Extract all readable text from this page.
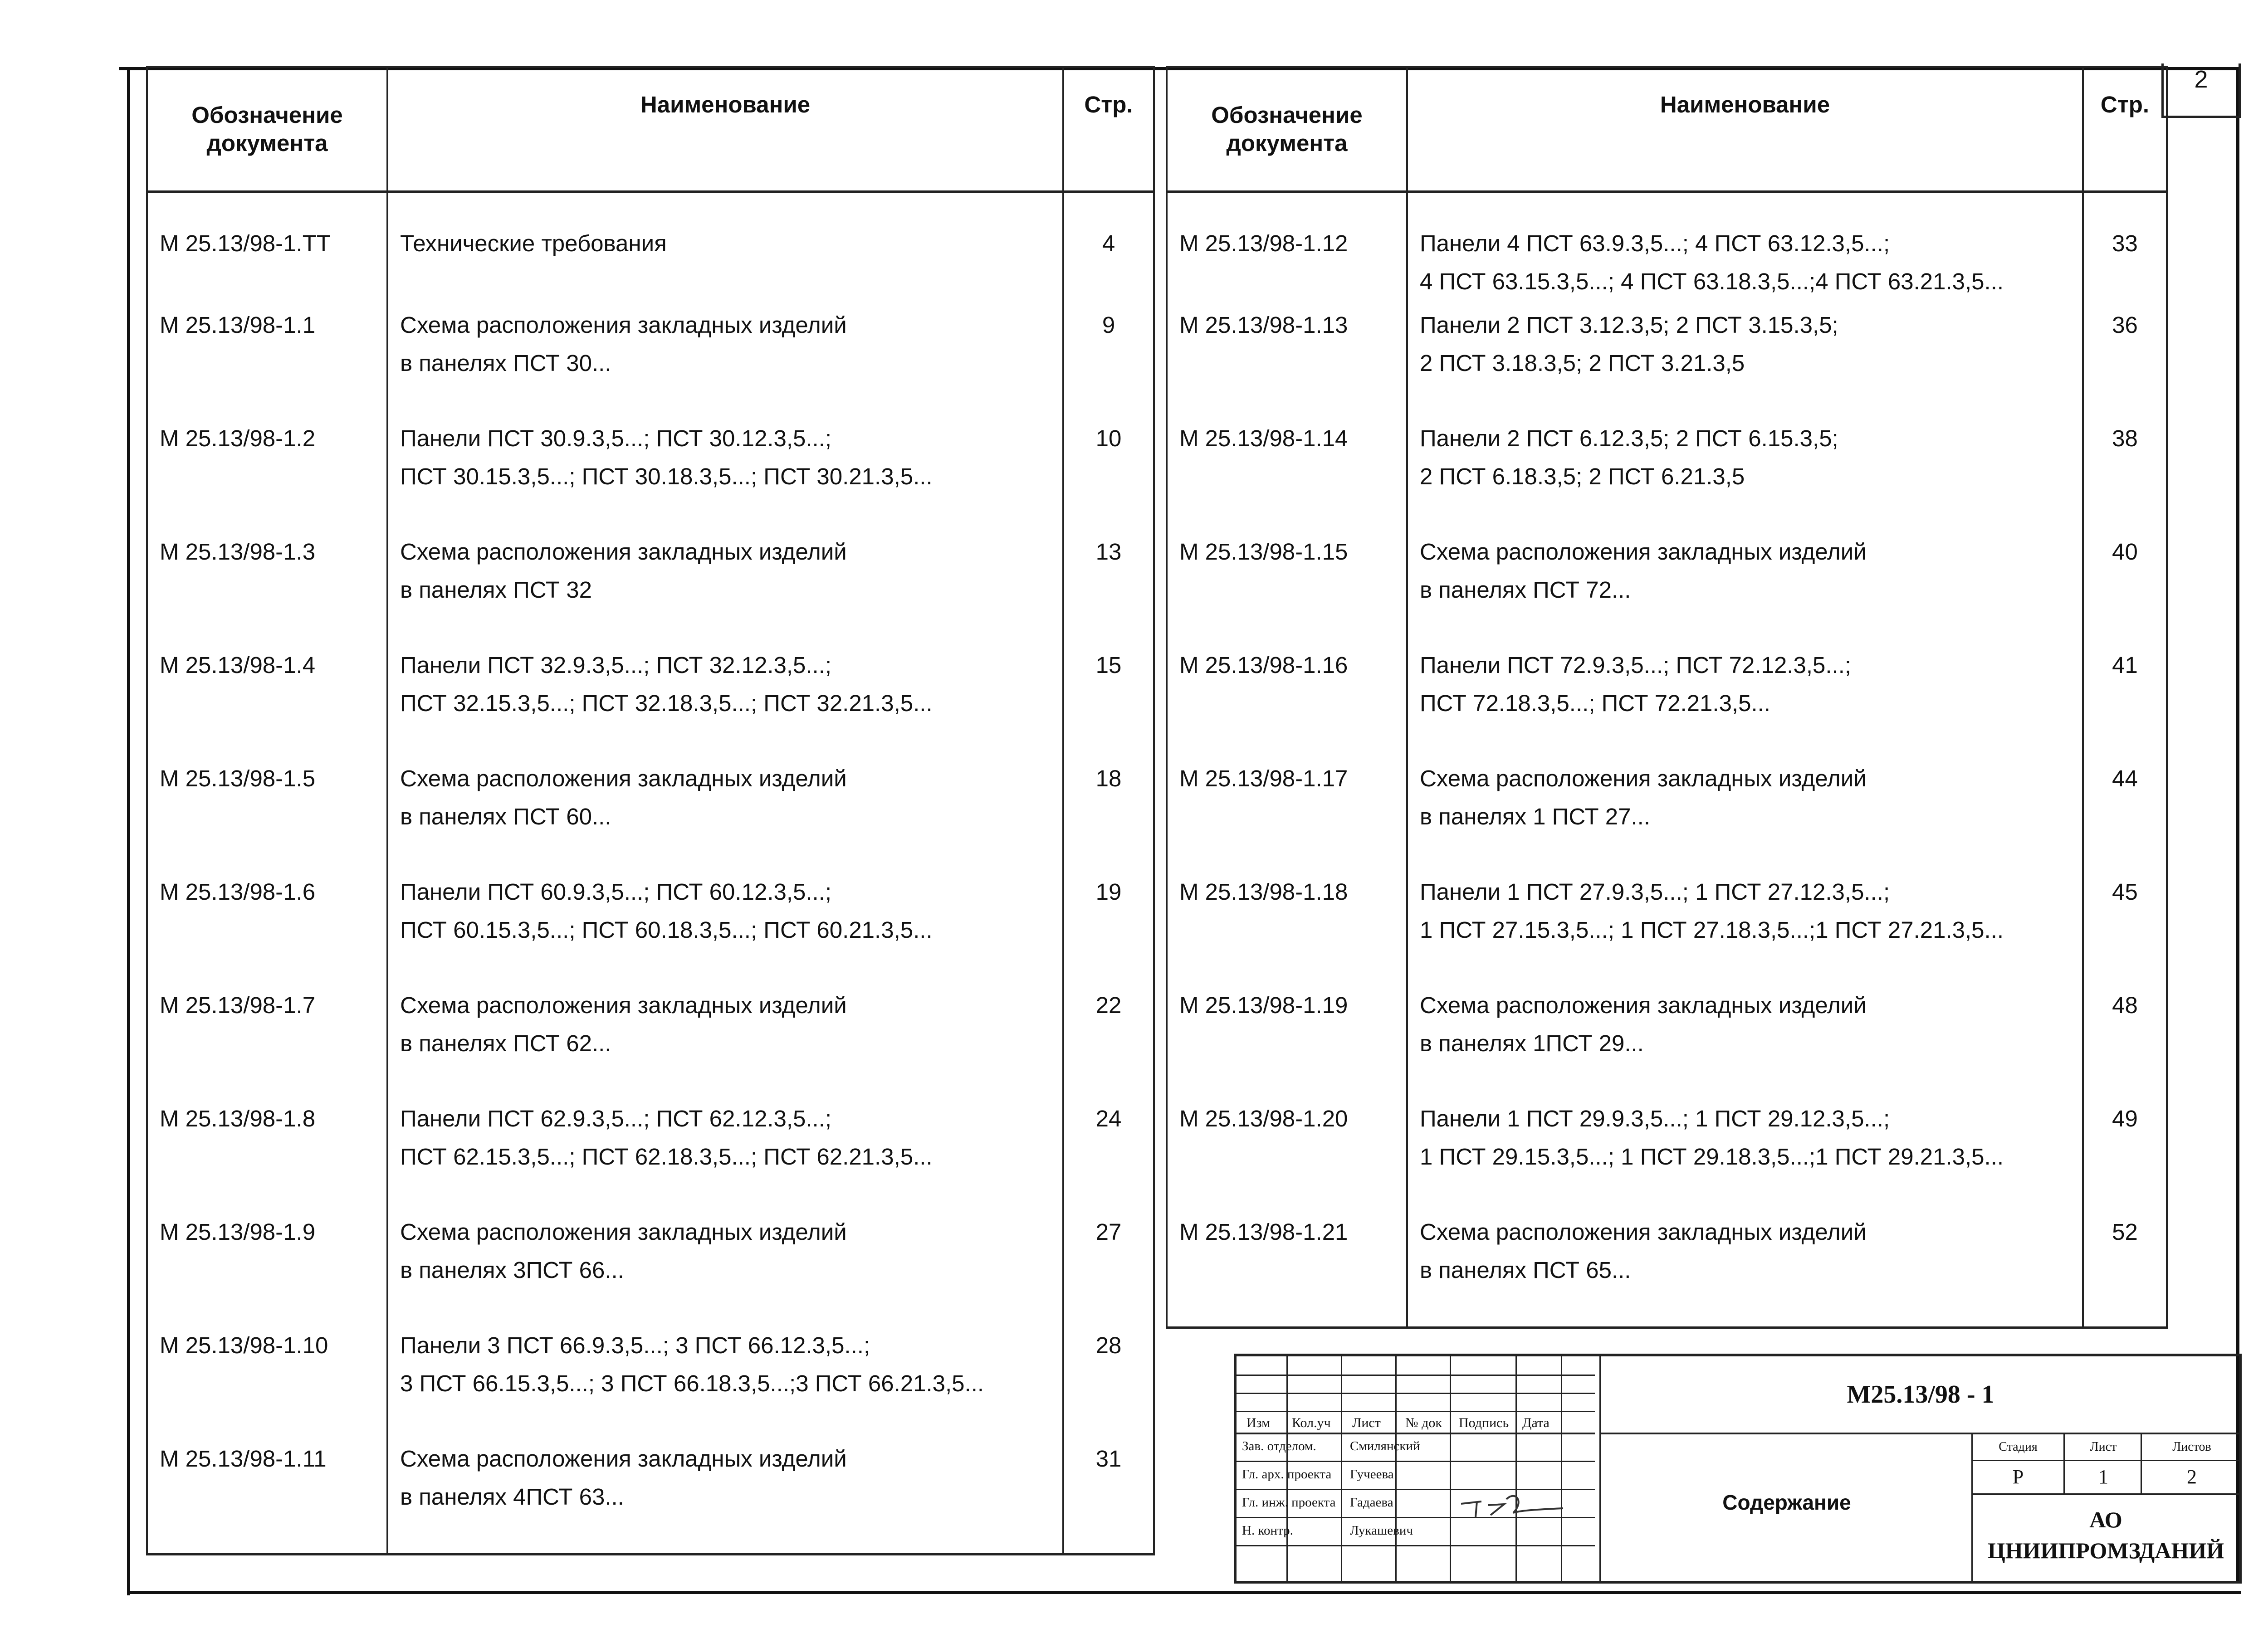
2
Обозначение документа	Наименование	Стр.
М 25.13/98-1.ТТ	Технические требования	4
М 25.13/98-1.1	Схема расположения закладных изделий
в панелях ПСТ 30...	9
М 25.13/98-1.2	Панели ПСТ 30.9.3,5...; ПСТ 30.12.3,5...;
ПСТ 30.15.3,5...; ПСТ 30.18.3,5...; ПСТ 30.21.3,5...	10
М 25.13/98-1.3	Схема расположения закладных изделий
в панелях ПСТ 32	13
М 25.13/98-1.4	Панели ПСТ 32.9.3,5...; ПСТ 32.12.3,5...;
ПСТ 32.15.3,5...; ПСТ 32.18.3,5...; ПСТ 32.21.3,5...	15
М 25.13/98-1.5	Схема расположения закладных изделий
в панелях ПСТ 60...	18
М 25.13/98-1.6	Панели ПСТ 60.9.3,5...; ПСТ 60.12.3,5...;
ПСТ 60.15.3,5...; ПСТ 60.18.3,5...; ПСТ 60.21.3,5...	19
М 25.13/98-1.7	Схема расположения закладных изделий
в панелях ПСТ 62...	22
М 25.13/98-1.8	Панели ПСТ 62.9.3,5...; ПСТ 62.12.3,5...;
ПСТ 62.15.3,5...; ПСТ 62.18.3,5...; ПСТ 62.21.3,5...	24
М 25.13/98-1.9	Схема расположения закладных изделий
в панелях 3ПСТ 66...	27
М 25.13/98-1.10	Панели 3 ПСТ 66.9.3,5...; 3 ПСТ 66.12.3,5...;
3 ПСТ 66.15.3,5...; 3 ПСТ 66.18.3,5...;3 ПСТ 66.21.3,5...	28
М 25.13/98-1.11	Схема расположения закладных изделий
в панелях 4ПСТ 63...	31
Обозначение документа	Наименование	Стр.
М 25.13/98-1.12	Панели 4 ПСТ 63.9.3,5...; 4 ПСТ 63.12.3,5...;
4 ПСТ 63.15.3,5...; 4 ПСТ 63.18.3,5...;4 ПСТ 63.21.3,5...	33
М 25.13/98-1.13	Панели 2 ПСТ 3.12.3,5; 2 ПСТ 3.15.3,5;
2 ПСТ 3.18.3,5; 2 ПСТ 3.21.3,5	36
М 25.13/98-1.14	Панели 2 ПСТ 6.12.3,5; 2 ПСТ 6.15.3,5;
2 ПСТ 6.18.3,5; 2 ПСТ 6.21.3,5	38
М 25.13/98-1.15	Схема расположения закладных изделий
в панелях ПСТ 72...	40
М 25.13/98-1.16	Панели ПСТ 72.9.3,5...; ПСТ 72.12.3,5...;
ПСТ 72.18.3,5...; ПСТ 72.21.3,5...	41
М 25.13/98-1.17	Схема расположения закладных изделий
в панелях 1 ПСТ 27...	44
М 25.13/98-1.18	Панели 1 ПСТ 27.9.3,5...; 1 ПСТ 27.12.3,5...;
1 ПСТ 27.15.3,5...; 1 ПСТ 27.18.3,5...;1 ПСТ 27.21.3,5...	45
М 25.13/98-1.19	Схема расположения закладных изделий
в панелях 1ПСТ 29...	48
М 25.13/98-1.20	Панели 1 ПСТ 29.9.3,5...; 1 ПСТ 29.12.3,5...;
1 ПСТ 29.15.3,5...; 1 ПСТ 29.18.3,5...;1 ПСТ 29.21.3,5...	49
М 25.13/98-1.21	Схема расположения закладных изделий
в панелях ПСТ 65...	52
Изм Кол.уч Лист № док Подпись Дата
Зав. отделом.	Смилянский
Гл. арх. проекта Гучеева
Гл. инж. проекта Гадаева
Н. контр.	Лукашевич
М25.13/98 - 1
Содержание
Стадия
Р
Лист
1
Листов
2
АО
ЦНИИПРОМЗДАНИЙ
